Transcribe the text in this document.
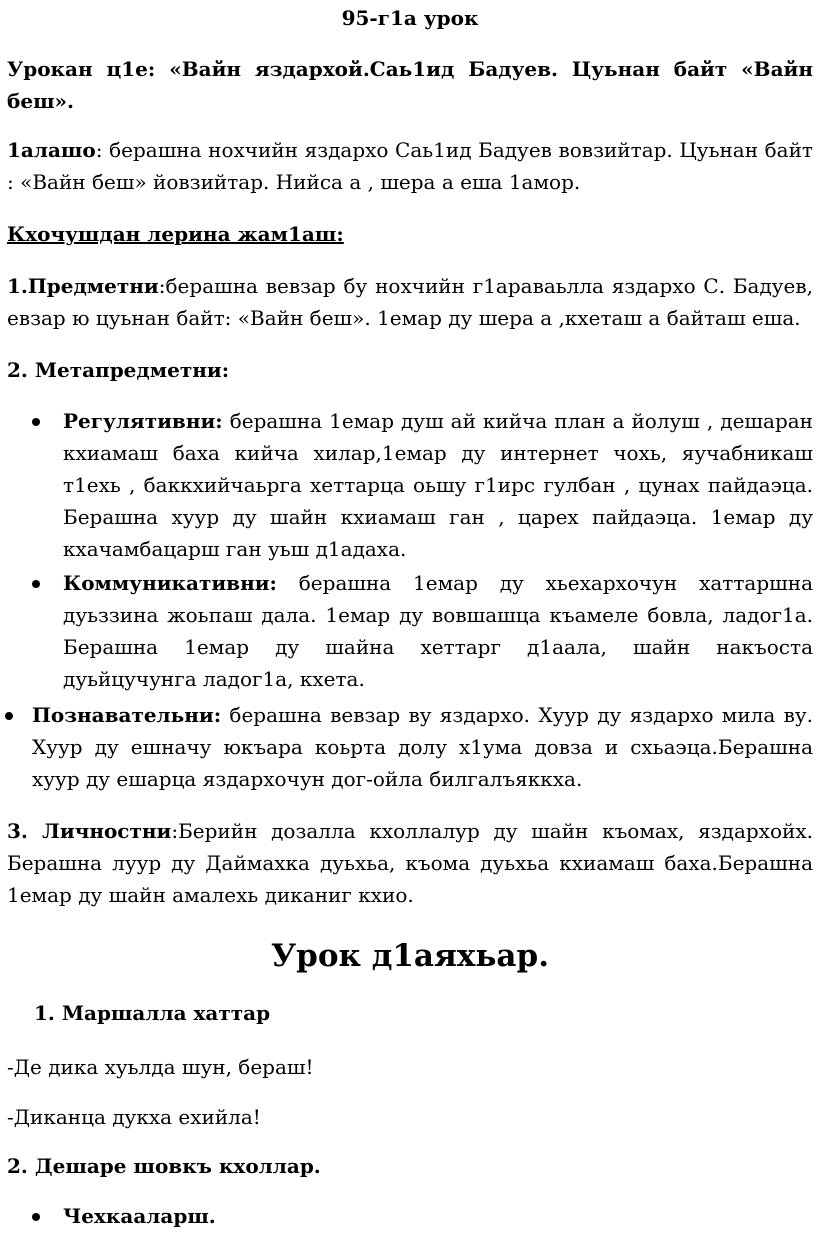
95-г1а урок

Урокан ц1е: «Вайн яздархой.Саь1ид Бадуев. Цуьнан байт «Вайн беш».

1алашо: берашна нохчийн яздархо Саь1ид Бадуев вовзийтар. Цуьнан байт : «Вайн беш» йовзийтар. Нийса а , шера а еша 1амор.

Кхочушдан лерина жам1аш:

1.Предметни:берашна вевзар бу нохчийн г1араваьлла яздархо С. Бадуев, евзар ю цуьнан байт: «Вайн беш». 1емар ду шера а ,кхеташ а байташ еша.

2. Метапредметни:

Регулятивни: берашна 1емар душ ай кийча план а йолуш , дешаран кхиамаш баха кийча хилар,1емар ду интернет чохь, яучабникаш т1ехь , баккхийчаьрга хеттарца оьшу г1ирс гулбан , цунах пайдаэца. Берашна хуур ду шайн кхиамаш ган , царех пайдаэца. 1емар ду кхачамбацарш ган уьш д1адаха.

Коммуникативни: берашна 1емар ду хьехархочун хаттаршна дуьззина жоьпаш дала. 1емар ду вовшашца къамеле бовла, ладог1а. Берашна 1емар ду шайна хеттарг д1аала, шайн накъоста дуьйцучунга ладог1а, кхета.

Познавательни: берашна вевзар ву яздархо. Хуур ду яздархо мила ву. Хуур ду ешначу юкъара коьрта долу х1ума довза и схьаэца.Берашна хуур ду ешарца яздархочун дог-ойла билгалъяккха.

3. Личностни:Берийн дозалла кхоллалур ду шайн къомах, яздархойх. Берашна луур ду Даймахка дуьхьа, къома дуьхьа кхиамаш баха.Берашна 1емар ду шайн амалехь диканиг кхио.

Урок д1аяхьар.

1. Маршалла хаттар

-Де дика хуьлда шун, бераш!

-Диканца дукха ехийла!

2. Дешаре шовкъ кхоллар.

Чехкааларш.
